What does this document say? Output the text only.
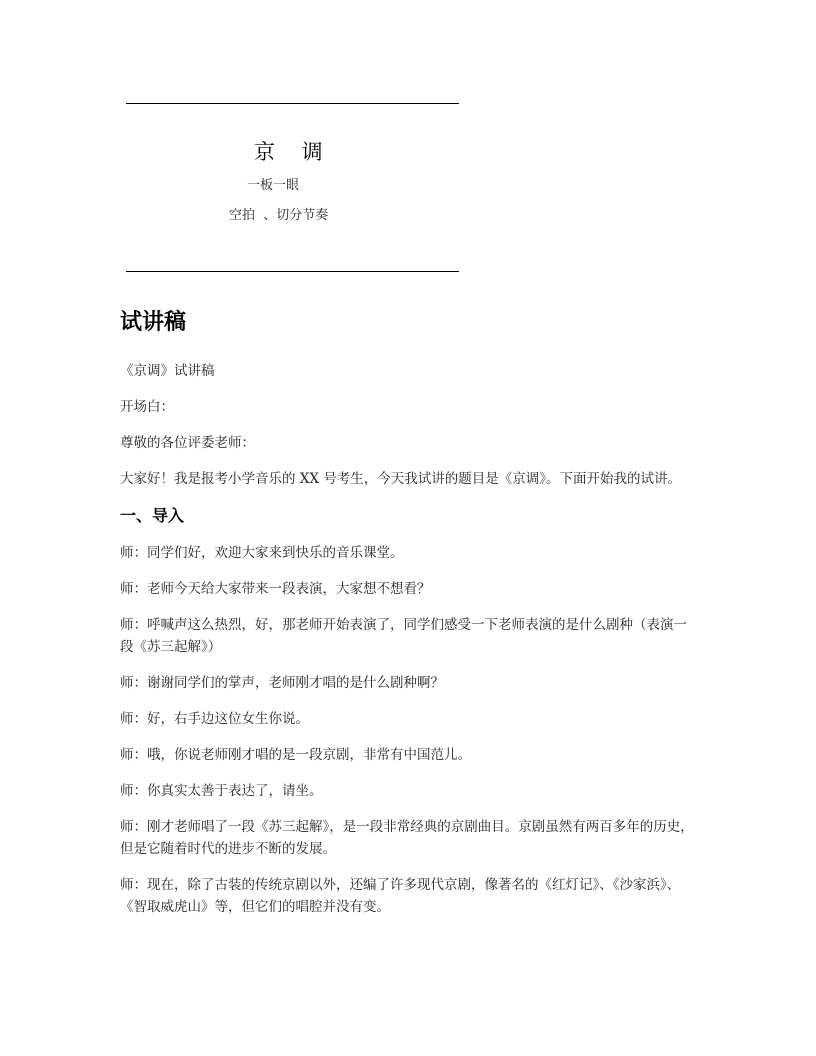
京 调
一板一眼
空拍  、切分节奏
试讲稿

《京调》试讲稿

开场白：

尊敬的各位评委老师：

大家好！我是报考小学音乐的 XX 号考生，今天我试讲的题目是《京调》。下面开始我的试讲。

一、导入

师：同学们好，欢迎大家来到快乐的音乐课堂。

师：老师今天给大家带来一段表演，大家想不想看？

师：呼喊声这么热烈，好，那老师开始表演了，同学们感受一下老师表演的是什么剧种（表演一段《苏三起解》）

师：谢谢同学们的掌声，老师刚才唱的是什么剧种啊？

师：好，右手边这位女生你说。

师：哦，你说老师刚才唱的是一段京剧，非常有中国范儿。

师：你真实太善于表达了，请坐。

师：刚才老师唱了一段《苏三起解》，是一段非常经典的京剧曲目。京剧虽然有两百多年的历史，但是它随着时代的进步不断的发展。

师：现在，除了古装的传统京剧以外，还编了许多现代京剧，像著名的《红灯记》、《沙家浜》、《智取威虎山》等，但它们的唱腔并没有变。
